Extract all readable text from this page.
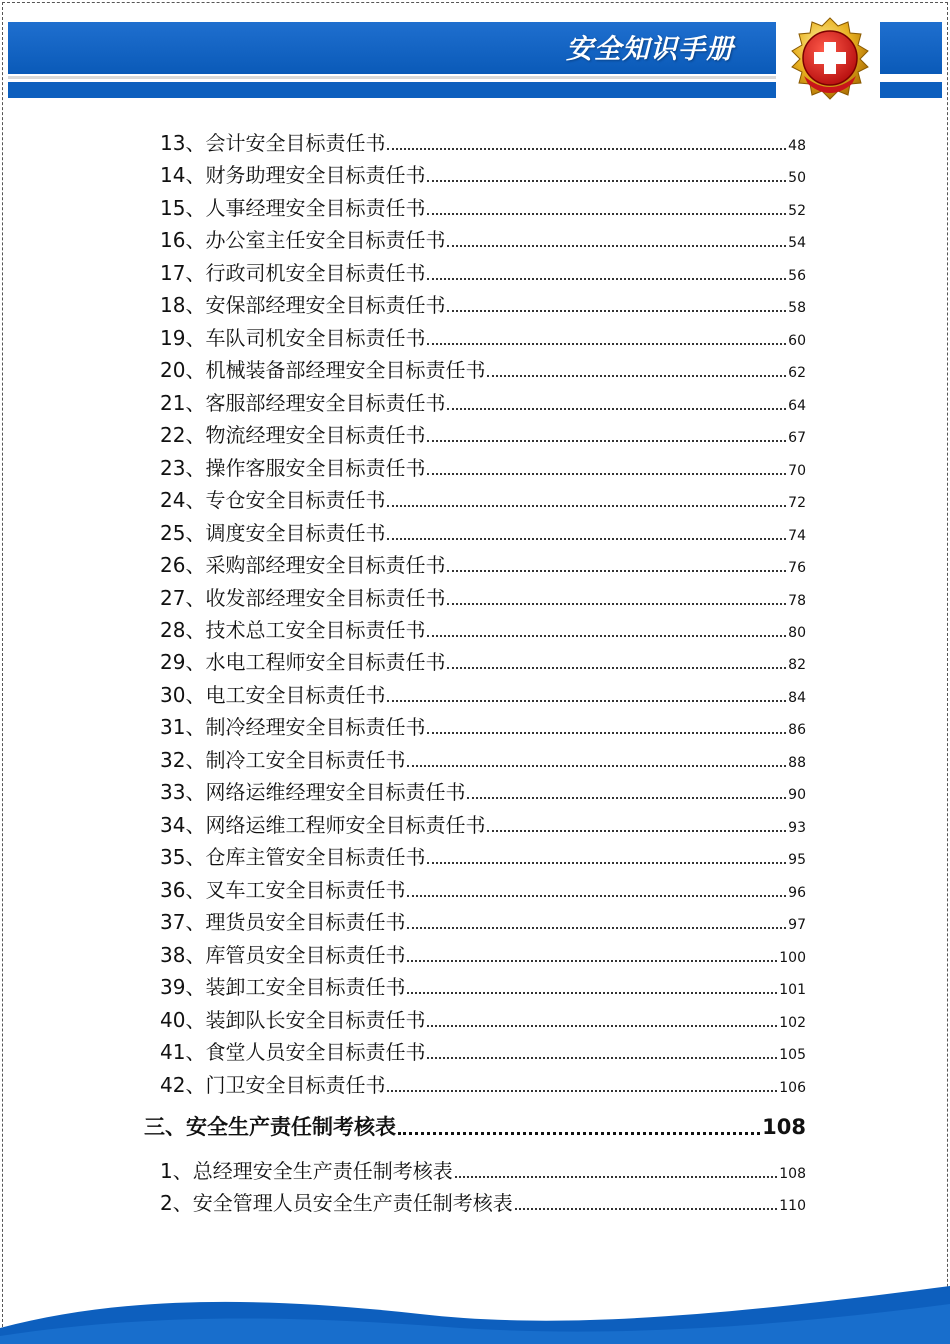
安全知识手册
13、会计安全目标责任书	48
14、财务助理安全目标责任书	50
15、人事经理安全目标责任书	52
16、办公室主任安全目标责任书	54
17、行政司机安全目标责任书	56
18、安保部经理安全目标责任书	58
19、车队司机安全目标责任书	60
20、机械装备部经理安全目标责任书	62
21、客服部经理安全目标责任书	64
22、物流经理安全目标责任书	67
23、操作客服安全目标责任书	70
24、专仓安全目标责任书	72
25、调度安全目标责任书	74
26、采购部经理安全目标责任书	76
27、收发部经理安全目标责任书	78
28、技术总工安全目标责任书	80
29、水电工程师安全目标责任书	82
30、电工安全目标责任书	84
31、制冷经理安全目标责任书	86
32、制冷工安全目标责任书	88
33、网络运维经理安全目标责任书	90
34、网络运维工程师安全目标责任书	93
35、仓库主管安全目标责任书	95
36、叉车工安全目标责任书	96
37、理货员安全目标责任书	97
38、库管员安全目标责任书	100
39、装卸工安全目标责任书	101
40、装卸队长安全目标责任书	102
41、食堂人员安全目标责任书	105
42、门卫安全目标责任书	106
三、安全生产责任制考核表	108
1、总经理安全生产责任制考核表	108
2、安全管理人员安全生产责任制考核表	110
